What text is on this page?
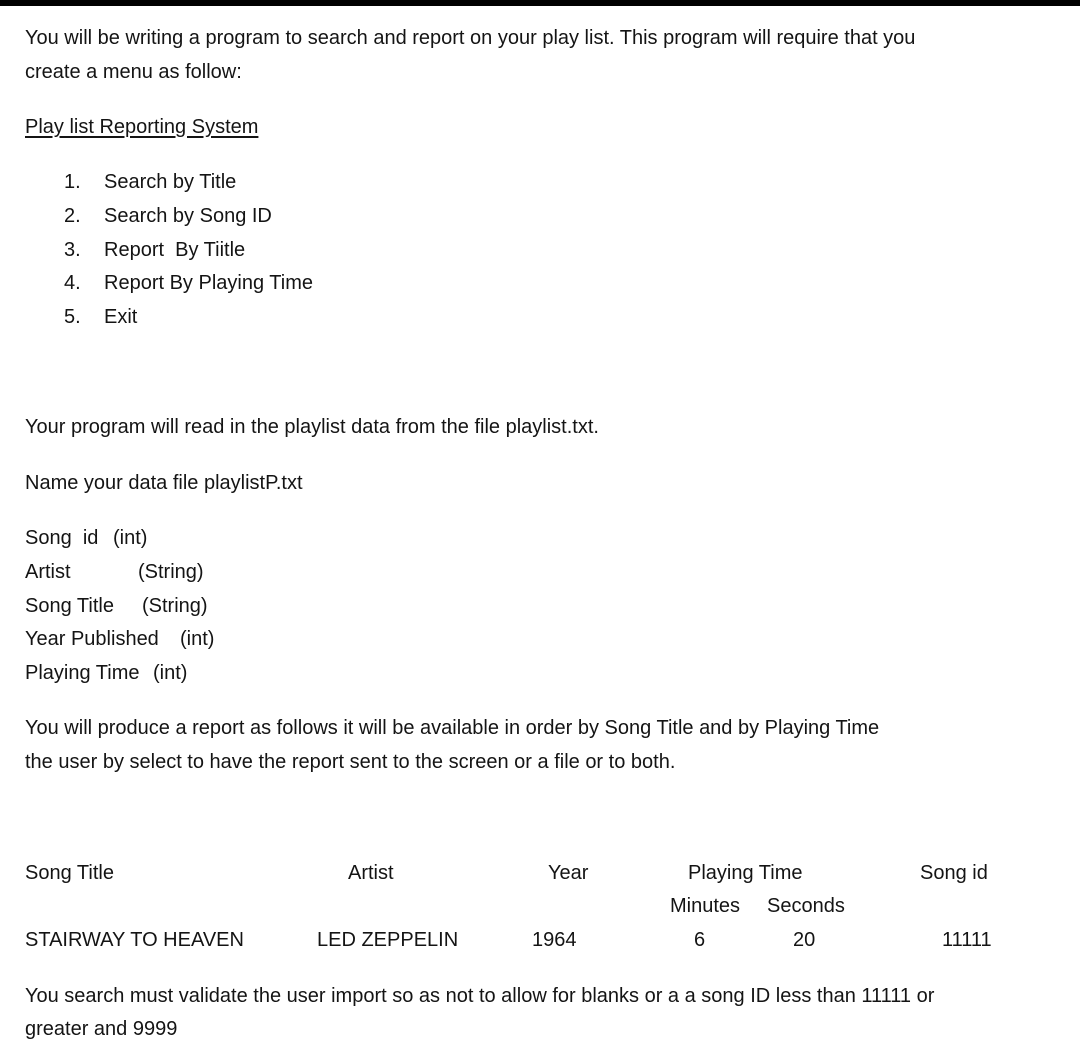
You will be writing a program to search and report on your play list. This program will require that you
create a menu as follow:
Play list Reporting System
1. Search by Title
2. Search by Song ID
3. Report  By Tiitle
4. Report By Playing Time
5. Exit
Your program will read in the playlist data from the file playlist.txt.
Name your data file playlistP.txt
Song  id (int)
Artist	(String)
Song Title (String)
Year Published (int)
Playing Time (int)
You will produce a report as follows it will be available in order by Song Title and by Playing Time
the user by select to have the report sent to the screen or a file or to both.
Song Title	Artist	Year	Playing Time	Song id
Minutes Seconds
STAIRWAY TO HEAVEN	LED ZEPPELIN	1964	6	20	11111
You search must validate the user import so as not to allow for blanks or a a song ID less than 11111 or
greater and 9999
